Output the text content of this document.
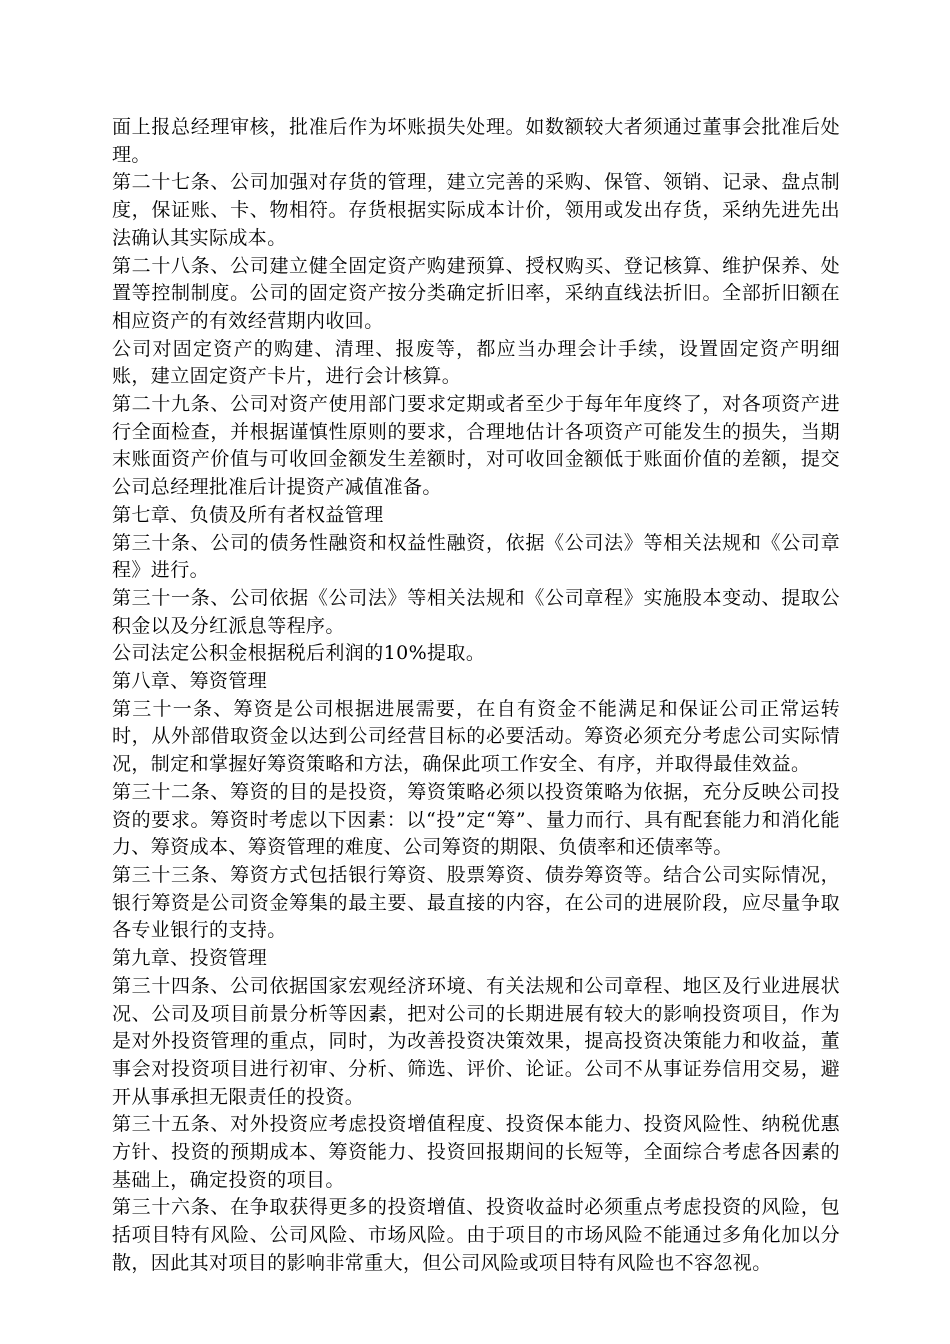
面上报总经理审核，批准后作为坏账损失处理。如数额较大者须通过董事会批准后处理。

第二十七条、公司加强对存货的管理，建立完善的采购、保管、领销、记录、盘点制度，保证账、卡、物相符。存货根据实际成本计价，领用或发出存货，采纳先进先出法确认其实际成本。

第二十八条、公司建立健全固定资产购建预算、授权购买、登记核算、维护保养、处置等控制制度。公司的固定资产按分类确定折旧率，采纳直线法折旧。全部折旧额在相应资产的有效经营期内收回。

公司对固定资产的购建、清理、报废等，都应当办理会计手续，设置固定资产明细账，建立固定资产卡片，进行会计核算。

第二十九条、公司对资产使用部门要求定期或者至少于每年年度终了，对各项资产进行全面检查，并根据谨慎性原则的要求，合理地估计各项资产可能发生的损失，当期末账面资产价值与可收回金额发生差额时，对可收回金额低于账面价值的差额，提交公司总经理批准后计提资产减值准备。

第七章、负债及所有者权益管理

第三十条、公司的债务性融资和权益性融资，依据《公司法》等相关法规和《公司章程》进行。

第三十一条、公司依据《公司法》等相关法规和《公司章程》实施股本变动、提取公积金以及分红派息等程序。

公司法定公积金根据税后利润的10%提取。

第八章、筹资管理

第三十一条、筹资是公司根据进展需要，在自有资金不能满足和保证公司正常运转时，从外部借取资金以达到公司经营目标的必要活动。筹资必须充分考虑公司实际情况，制定和掌握好筹资策略和方法，确保此项工作安全、有序，并取得最佳效益。

第三十二条、筹资的目的是投资，筹资策略必须以投资策略为依据，充分反映公司投资的要求。筹资时考虑以下因素：以“投”定“筹”、量力而行、具有配套能力和消化能力、筹资成本、筹资管理的难度、公司筹资的期限、负债率和还债率等。

第三十三条、筹资方式包括银行筹资、股票筹资、债券筹资等。结合公司实际情况，银行筹资是公司资金筹集的最主要、最直接的内容，在公司的进展阶段，应尽量争取各专业银行的支持。

第九章、投资管理

第三十四条、公司依据国家宏观经济环境、有关法规和公司章程、地区及行业进展状况、公司及项目前景分析等因素，把对公司的长期进展有较大的影响投资项目，作为是对外投资管理的重点，同时，为改善投资决策效果，提高投资决策能力和收益，董事会对投资项目进行初审、分析、筛选、评价、论证。公司不从事证券信用交易，避开从事承担无限责任的投资。

第三十五条、对外投资应考虑投资增值程度、投资保本能力、投资风险性、纳税优惠方针、投资的预期成本、筹资能力、投资回报期间的长短等，全面综合考虑各因素的基础上，确定投资的项目。

第三十六条、在争取获得更多的投资增值、投资收益时必须重点考虑投资的风险，包括项目特有风险、公司风险、市场风险。由于项目的市场风险不能通过多角化加以分散，因此其对项目的影响非常重大，但公司风险或项目特有风险也不容忽视。
